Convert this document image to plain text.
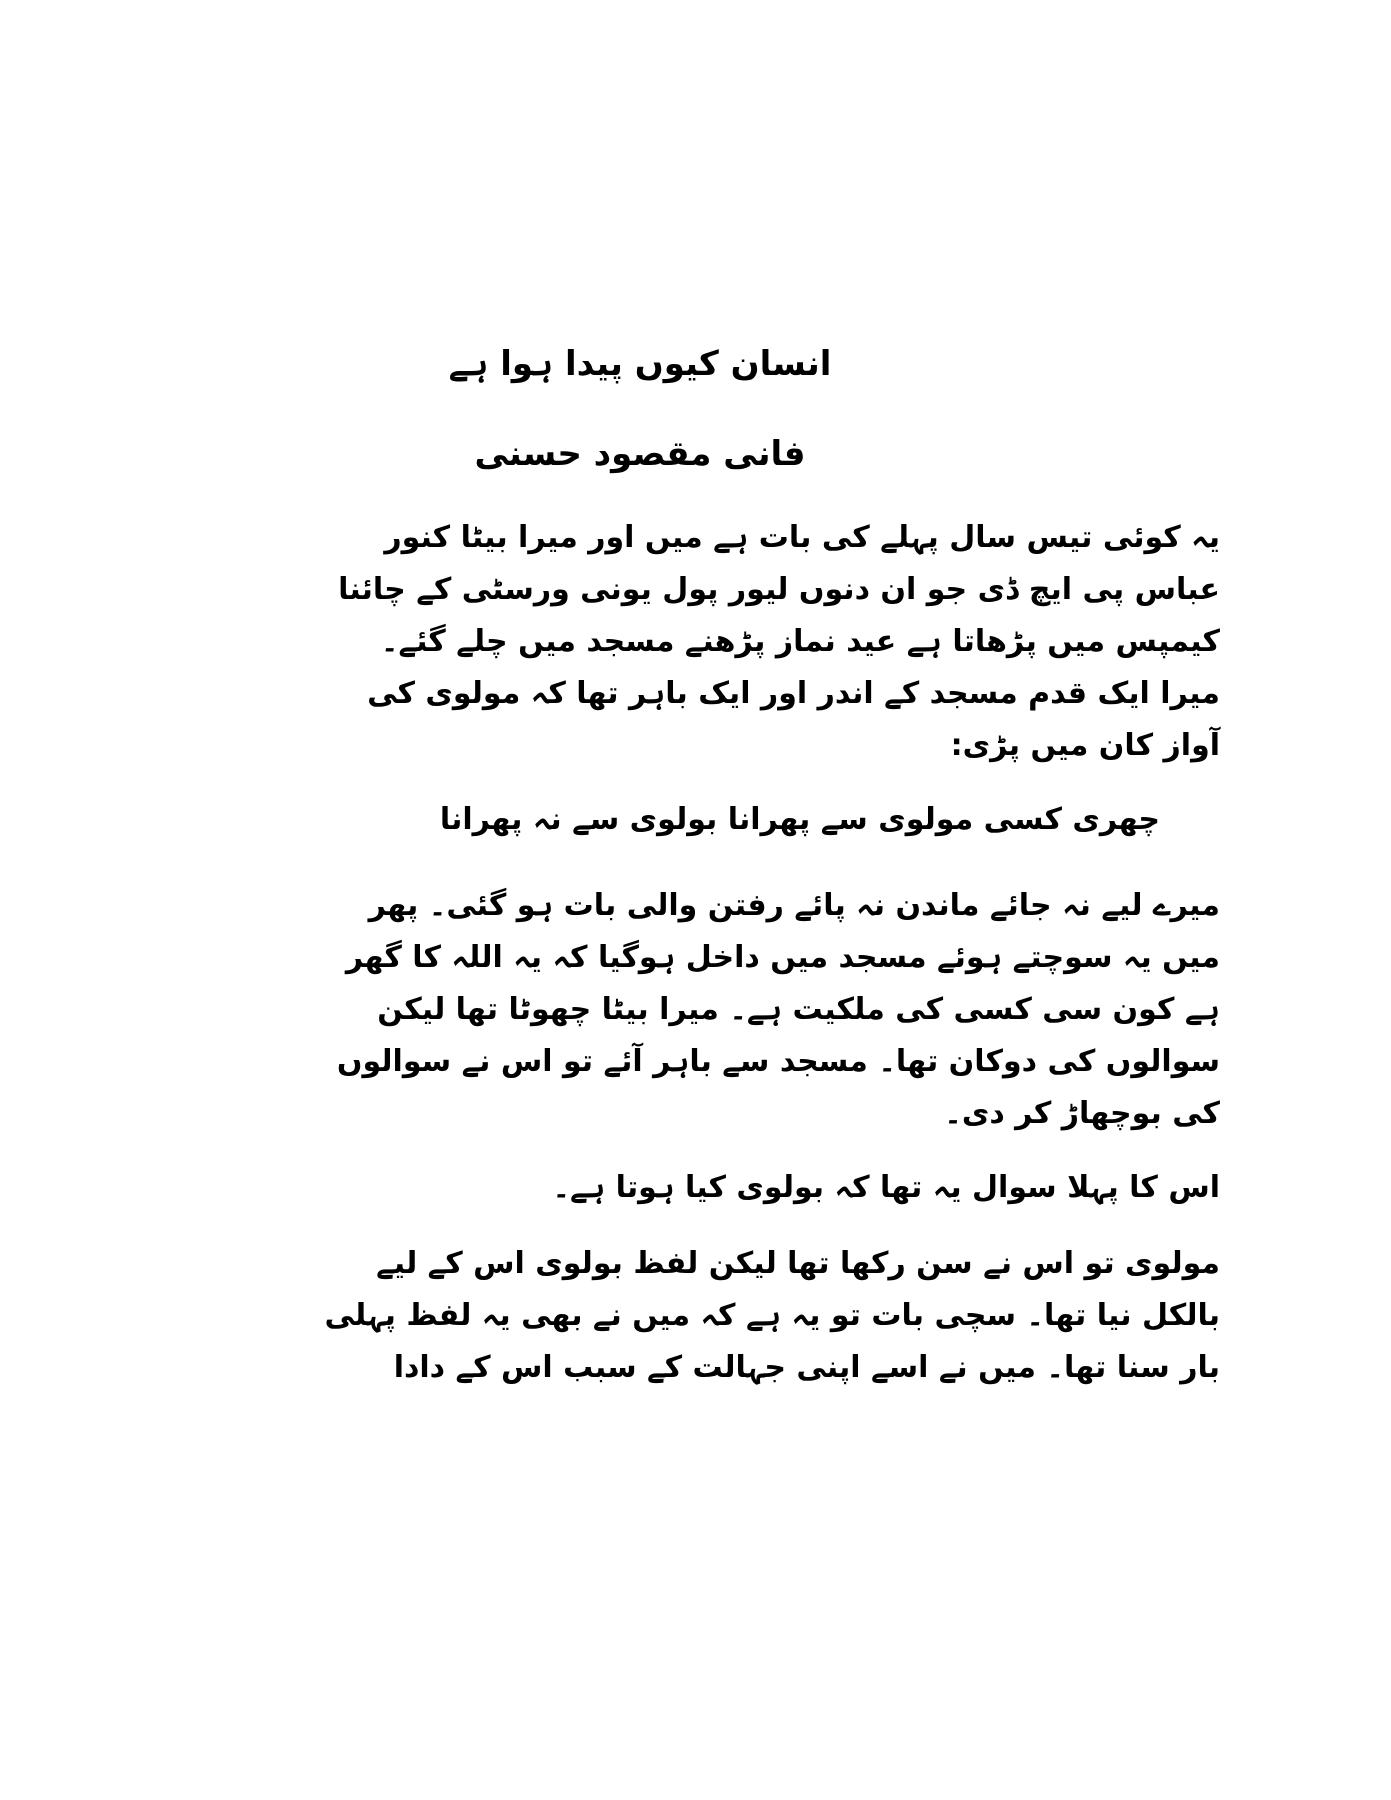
انسان کیوں پیدا ہوا ہے
فانی مقصود حسنی
یہ کوئی تیس سال پہلے کی بات ہے میں اور میرا بیٹا کنور
عباس پی ایچ ڈی جو ان دنوں لیور پول یونی ورسٹی کے چائنا
کیمپس میں پڑھاتا ہے عید نماز پڑھنے مسجد میں چلے گئے۔
میرا ایک قدم مسجد کے اندر اور ایک باہر تھا کہ مولوی کی
آواز کان میں پڑی:
چھری کسی مولوی سے پھرانا بولوی سے نہ پھرانا
میرے لیے نہ جائے ماندن نہ پائے رفتن والی بات ہو گئی۔ پھر
میں یہ سوچتے ہوئے مسجد میں داخل ہوگیا کہ یہ اللہ کا گھر
ہے کون سی کسی کی ملکیت ہے۔ میرا بیٹا چھوٹا تھا لیکن
سوالوں کی دوکان تھا۔ مسجد سے باہر آئے تو اس نے سوالوں
کی بوچھاڑ کر دی۔
اس کا پہلا سوال یہ تھا کہ بولوی کیا ہوتا ہے۔
مولوی تو اس نے سن رکھا تھا لیکن لفظ بولوی اس کے لیے
بالکل نیا تھا۔ سچی بات تو یہ ہے کہ میں نے بھی یہ لفظ پہلی
بار سنا تھا۔ میں نے اسے اپنی جہالت کے سبب اس کے دادا
